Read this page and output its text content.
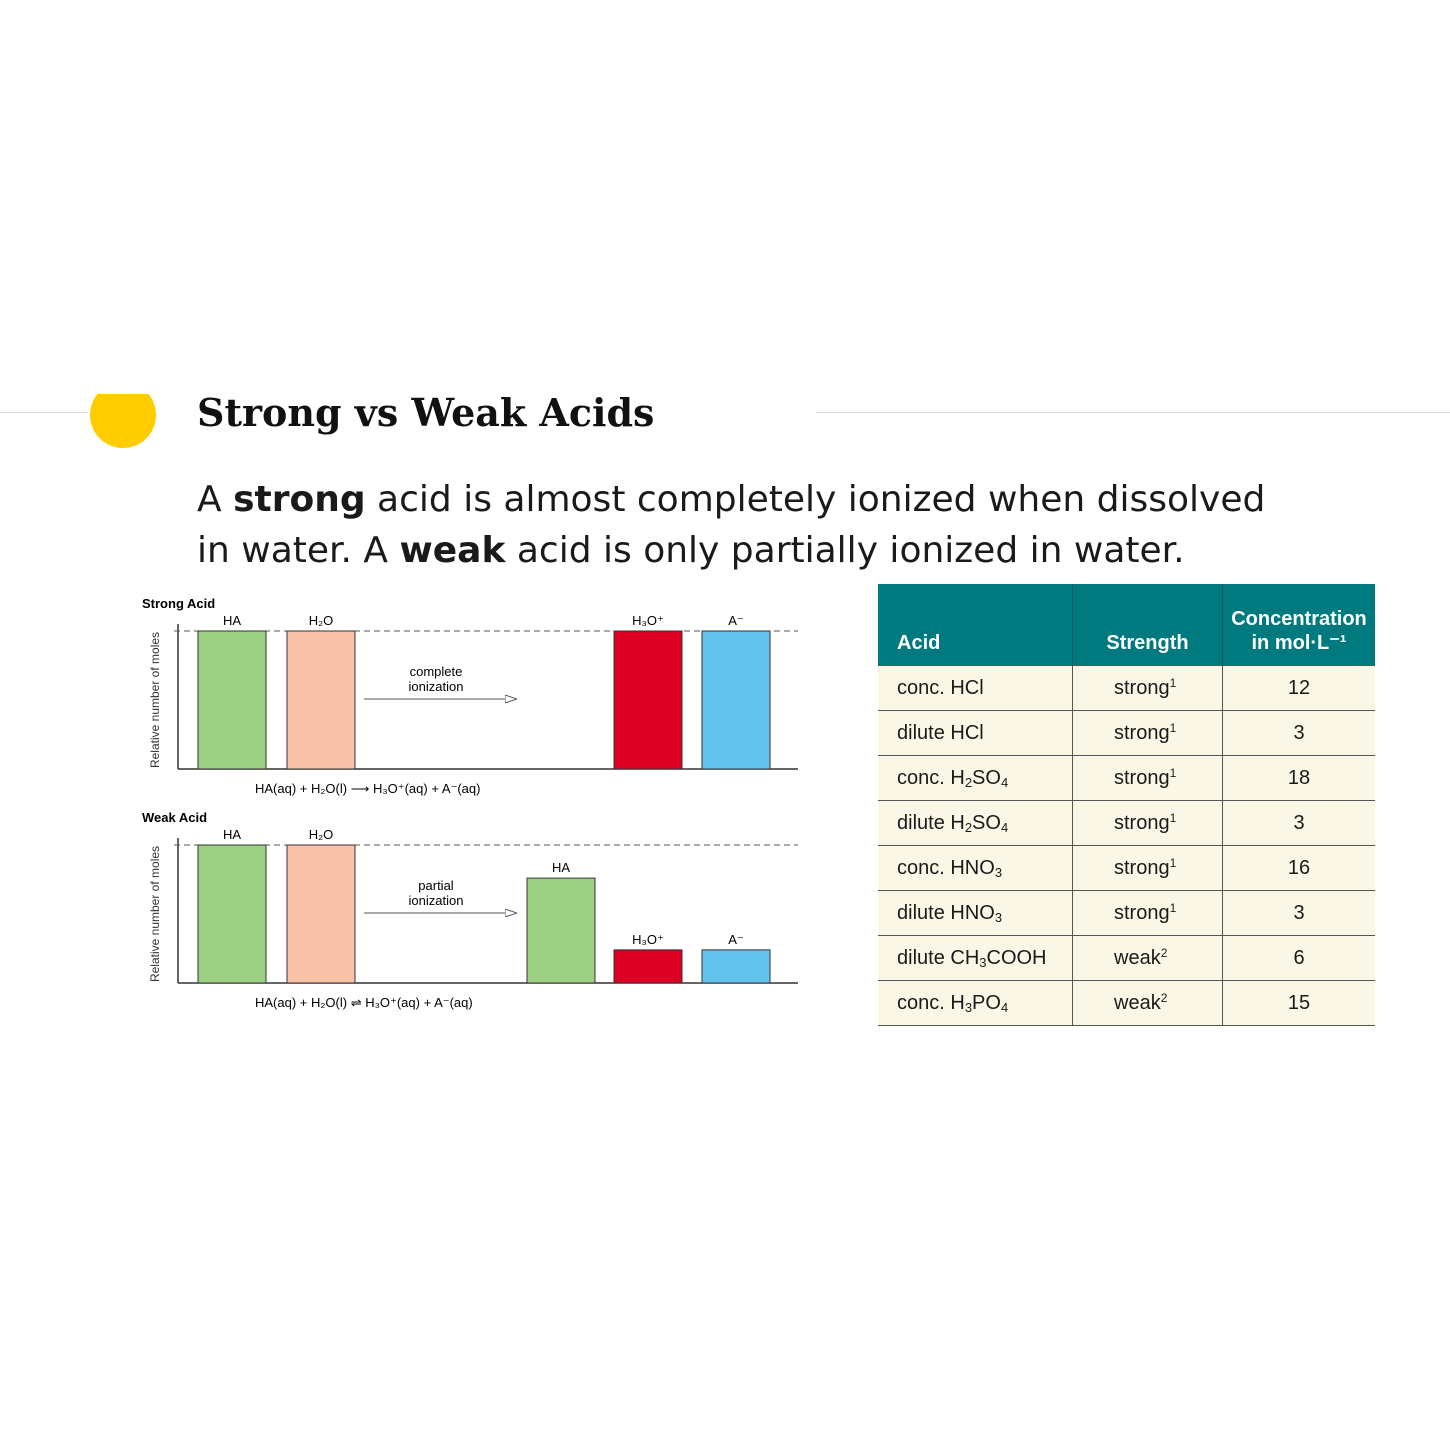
Strong vs Weak Acids
A strong acid is almost completely ionized when dissolved in water. A weak acid is only partially ionized in water.
Strong Acid
Relative number of moles
HA	H₂O	H₃O⁺	A⁻
complete
ionization
HA(aq) + H₂O(l) ⟶ H₃O⁺(aq) + A⁻(aq)
Weak Acid
Relative number of moles
HA	H₂O
HA
H₃O⁺	A⁻
partial
ionization
HA(aq) + H₂O(l) ⇌ H₃O⁺(aq) + A⁻(aq)
Acid	Strength	Concentration in mol·L⁻¹
conc. HCl	strong$^1$	12
dilute HCl	strong$^1$	3
conc. $H_2SO_4$	strong$^1$	18
dilute $H_2SO_4$	strong$^1$	3
conc. $HNO_3$	strong$^1$	16
dilute $HNO_3$	strong$^1$	3
dilute $CH_3COOH$	weak$^2$	6
conc. $H_3PO_4$	weak$^2$	15
